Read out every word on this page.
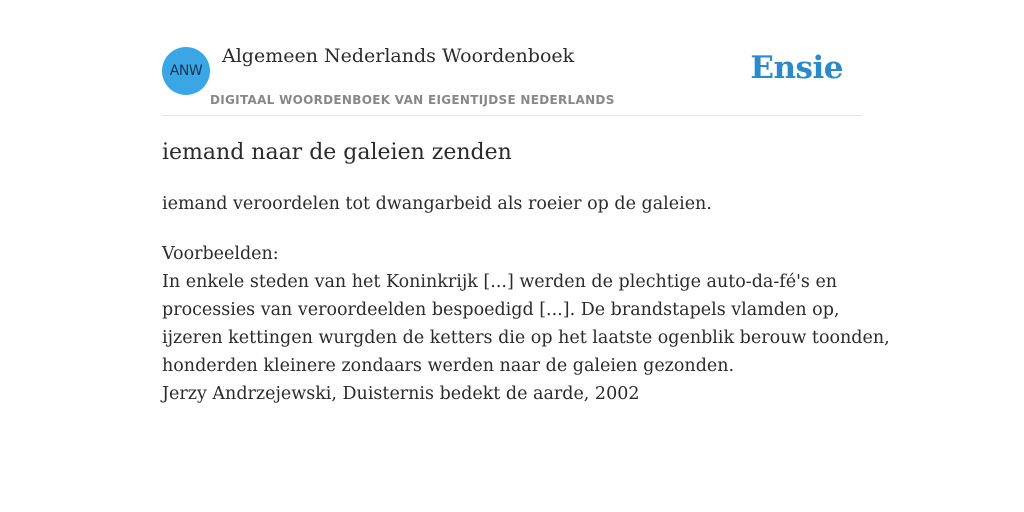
ANW
Algemeen Nederlands Woordenboek
DIGITAAL WOORDENBOEK VAN EIGENTIJDSE NEDERLANDS
Ensie
iemand naar de galeien zenden
iemand veroordelen tot dwangarbeid als roeier op de galeien.
Voorbeelden:
In enkele steden van het Koninkrijk [...] werden de plechtige auto-da-fé's en
processies van veroordeelden bespoedigd [...]. De brandstapels vlamden op,
ijzeren kettingen wurgden de ketters die op het laatste ogenblik berouw toonden,
honderden kleinere zondaars werden naar de galeien gezonden.
Jerzy Andrzejewski, Duisternis bedekt de aarde, 2002
